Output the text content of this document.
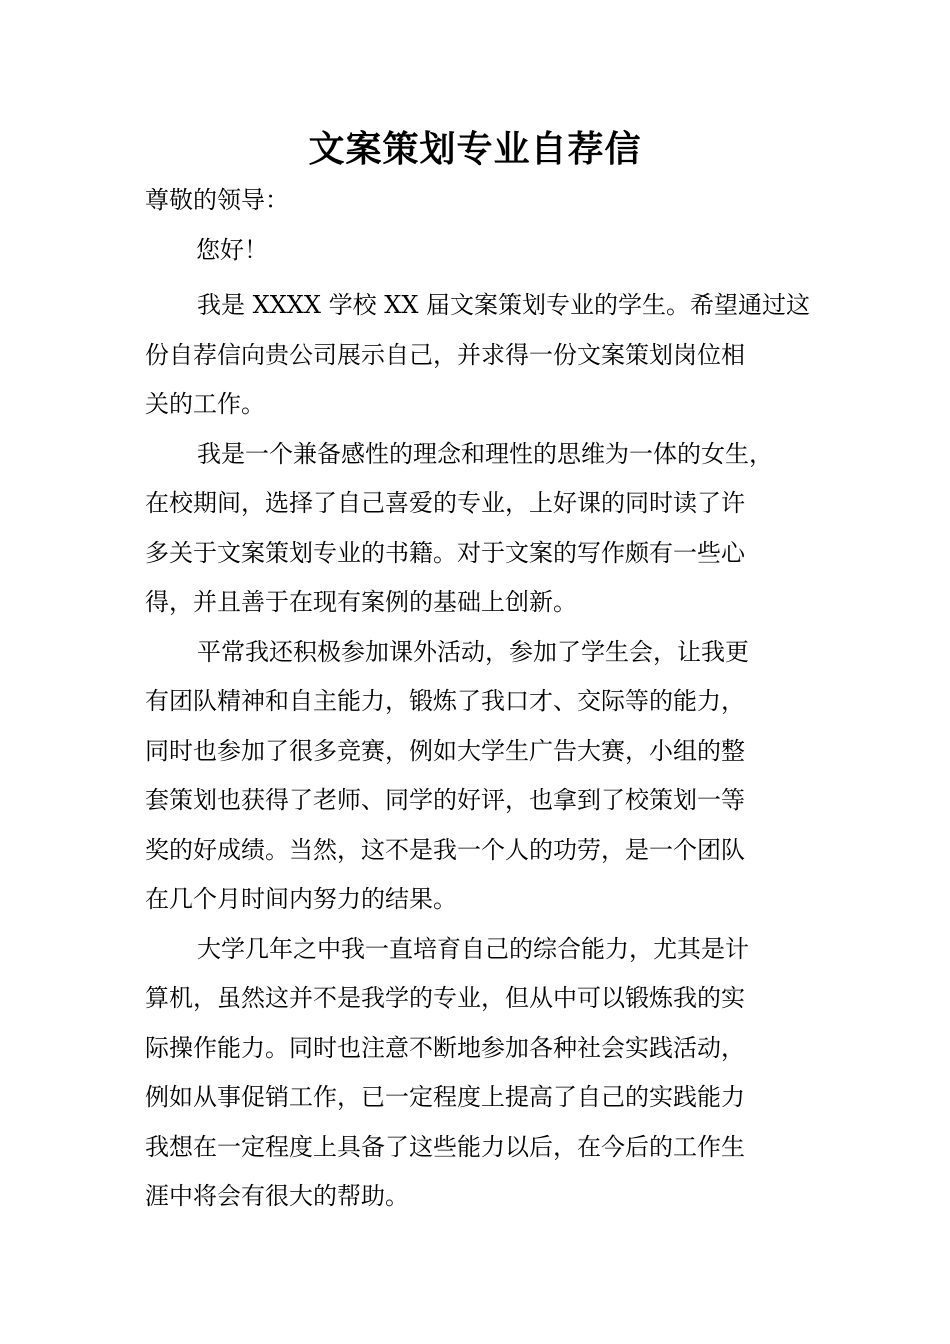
文案策划专业自荐信

尊敬的领导：

您好！

我是 XXXX 学校 XX 届文案策划专业的学生。希望通过这
份自荐信向贵公司展示自己，并求得一份文案策划岗位相
关的工作。

我是一个兼备感性的理念和理性的思维为一体的女生，
在校期间，选择了自己喜爱的专业，上好课的同时读了许
多关于文案策划专业的书籍。对于文案的写作颇有一些心
得，并且善于在现有案例的基础上创新。

平常我还积极参加课外活动，参加了学生会，让我更
有团队精神和自主能力，锻炼了我口才、交际等的能力，
同时也参加了很多竞赛，例如大学生广告大赛，小组的整
套策划也获得了老师、同学的好评，也拿到了校策划一等
奖的好成绩。当然，这不是我一个人的功劳，是一个团队
在几个月时间内努力的结果。

大学几年之中我一直培育自己的综合能力，尤其是计
算机，虽然这并不是我学的专业，但从中可以锻炼我的实
际操作能力。同时也注意不断地参加各种社会实践活动，
例如从事促销工作，已一定程度上提高了自己的实践能力
我想在一定程度上具备了这些能力以后，在今后的工作生
涯中将会有很大的帮助。
